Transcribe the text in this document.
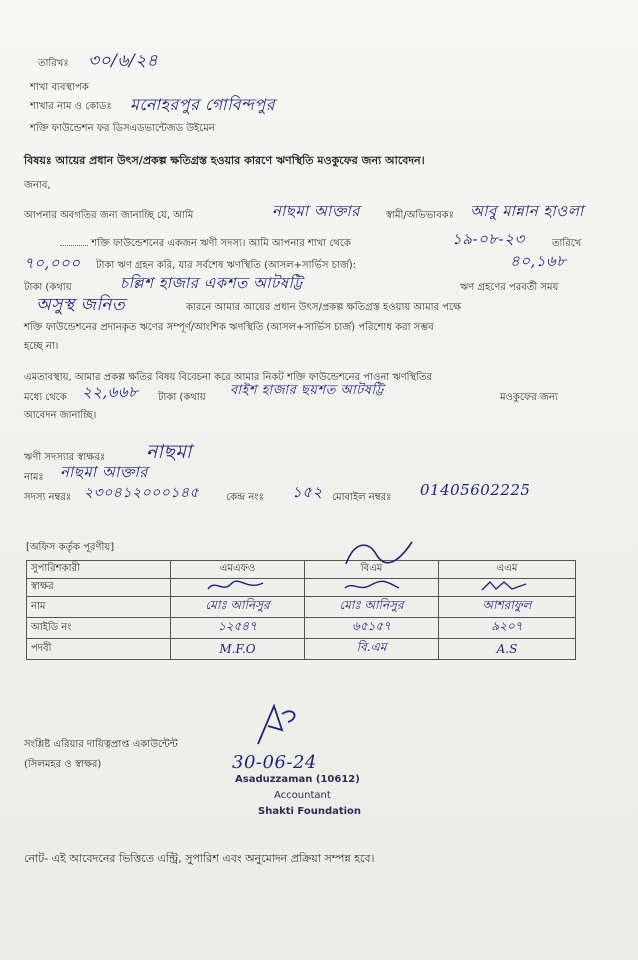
তারিখঃ ৩০/৬/২৪
শাখা ব্যবস্থাপক
শাখার নাম ও কোডঃ মনোহরপুর গোবিন্দপুর
শক্তি ফাউন্ডেশন ফর ডিসএডভান্টেজড উইমেন
বিষয়ঃ আয়ের প্রধান উৎস/প্রকল্প ক্ষতিগ্রস্ত হওয়ার কারণে ঋণস্থিতি মওকুফের জন্য আবেদন।
জনাব,
আপনার অবগতির জন্য জানাচ্ছি যে, আমি	নাছমা আক্তার	স্বামী/অভিভাবকঃ আবু মান্নান হাওলা
শক্তি ফাউন্ডেশনের একজন ঋণী সদস্য। আমি আপনার শাখা থেকে	১৯-০৮-২৩	তারিখে
৭০,০০০ টাকা ঋণ গ্রহন করি, যার সর্বশেষ ঋণস্থিতি (আসল+সার্ভিস চার্জ):	৪০,১৬৮
টাকা (কথায়	চল্লিশ হাজার একশত আটষট্টি	ঋণ গ্রহণের পরবর্তী সময়
অসুস্থ জনিত	কারনে আমার আয়ের প্রধান উৎস/প্রকল্প ক্ষতিগ্রস্ত হওয়ায় আমার পক্ষে
শক্তি ফাউন্ডেশনের প্রদানকৃত ঋণের সম্পূর্ণ/আংশিক ঋণস্থিতি (আসল+সার্ভিস চার্জ) পরিশোধ করা সম্ভব
হচ্ছে না।
এমতাবস্থায়, আমার প্রকল্প ক্ষতির বিষয় বিবেচনা করে আমার নিকট শক্তি ফাউন্ডেশনের পাওনা ঋণস্থিতির
মধ্যে থেকে ২২,৬৬৮ টাকা (কথায় বাইশ হাজার ছয়শত আটষট্টি	মওকুফের জন্য
আবেদন জানাচ্ছি।
ঋণী সদস্যার স্বাক্ষরঃ নাছমা
নামঃ নাছমা আক্তার
সদস্য নম্বরঃ ২৩০৪১২০০০১৪৫	কেন্দ্র নংঃ ১৫২ মোবাইল নম্বরঃ 01405602225
[অফিস কর্তৃক পূরণীয়]
সুপারিশকারী	এমএফও	বিএম	এএম
স্বাক্ষর			
নাম	মোঃ আনিসুর	মোঃ আনিসুর	আশরাফুল
আইডি নং	১২৫৪৭	৬৫১৫৭	৯২০৭
পদবী	M.F.O	বি.এম	A.S
সংশ্লিষ্ট এরিয়ার দায়িত্বপ্রাপ্ত একাউন্টেন্ট
(সিলমহর ও স্বাক্ষর)	30-06-24
Asaduzzaman (10612)
Accountant
Shakti Foundation
নোট- এই আবেদনের ভিত্তিতে এন্ট্রি, সুপারিশ এবং অনুমোদন প্রক্রিয়া সম্পন্ন হবে।
